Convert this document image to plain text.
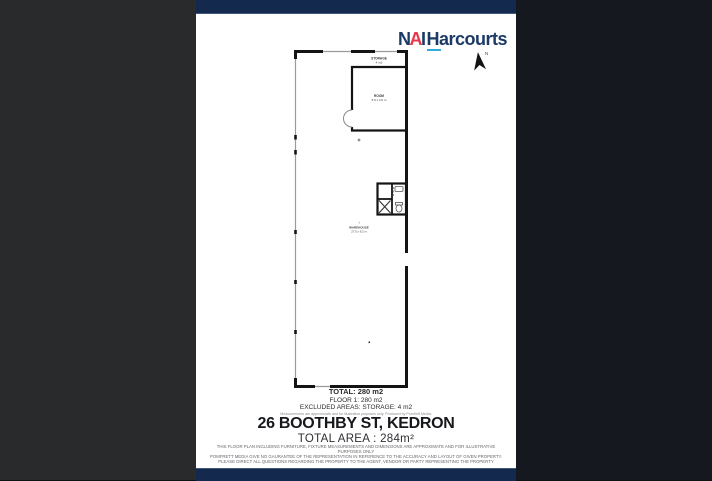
NAI Harcourts
N
STORAGE
4 m2
ROOM
5.0 x 3.6 m
↑
WAREHOUSE
27.5 x 9.2 m
TOTAL: 280 m2
FLOOR 1: 280 m2
EXCLUDED AREAS: STORAGE: 4 m2
Measurements are approximate and for illustrative purposes only. Produced by Pomfrett Media.
26 BOOTHBY ST, KEDRON
TOTAL AREA : 284m²
THIS FLOOR PLAN INCLUDING FURNITURE, FIXTURE MEASUREMENTS AND DIMENSIONS ARE APPROXIMATE AND FOR ILLUSTRATIVE PURPOSES ONLY
POMFRETT MEDIA GIVE NO GAURANTEE OF THE REPRESENTATION IN REFERENCE TO THE ACCURACY AND LAYOUT OF GIVEN PROPERTY.
PLEASE DIRECT ALL QUESTIONS REGARDING THE PROPERTY TO THE AGENT, VENDOR OR PARTY REPRESENTING THE PROPERTY
